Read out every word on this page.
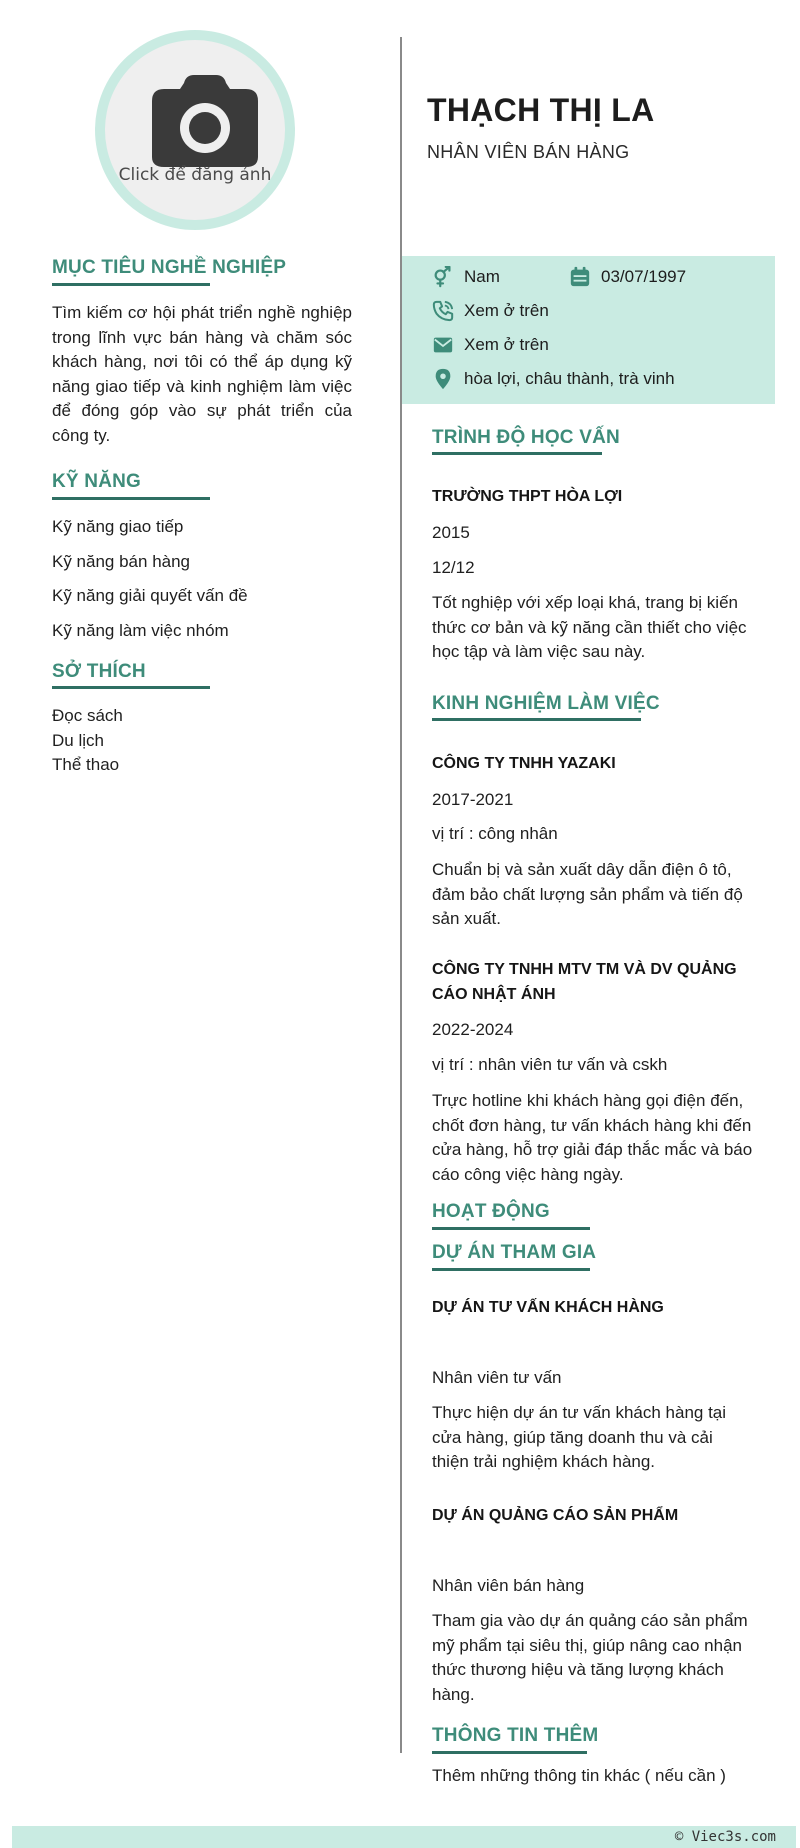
Click để đăng ảnh
THẠCH THỊ LA
NHÂN VIÊN BÁN HÀNG
Nam	03/07/1997
Xem ở trên
Xem ở trên
hòa lợi, châu thành, trà vinh
MỤC TIÊU NGHỀ NGHIỆP
Tìm kiếm cơ hội phát triển nghề nghiệp trong lĩnh vực bán hàng và chăm sóc khách hàng, nơi tôi có thể áp dụng kỹ năng giao tiếp và kinh nghiệm làm việc để đóng góp vào sự phát triển của công ty.
KỸ NĂNG
Kỹ năng giao tiếp
Kỹ năng bán hàng
Kỹ năng giải quyết vấn đề
Kỹ năng làm việc nhóm
SỞ THÍCH
Đọc sách
Du lịch
Thể thao
TRÌNH ĐỘ HỌC VẤN
TRƯỜNG THPT HÒA LỢI
2015
12/12
Tốt nghiệp với xếp loại khá, trang bị kiến thức cơ bản và kỹ năng cần thiết cho việc học tập và làm việc sau này.
KINH NGHIỆM LÀM VIỆC
CÔNG TY TNHH YAZAKI
2017-2021
vị trí : công nhân
Chuẩn bị và sản xuất dây dẫn điện ô tô, đảm bảo chất lượng sản phẩm và tiến độ sản xuất.
CÔNG TY TNHH MTV TM VÀ DV QUẢNG CÁO NHẬT ÁNH
2022-2024
vị trí : nhân viên tư vấn và cskh
Trực hotline khi khách hàng gọi điện đến, chốt đơn hàng, tư vấn khách hàng khi đến cửa hàng, hỗ trợ giải đáp thắc mắc và báo cáo công việc hàng ngày.
HOẠT ĐỘNG
DỰ ÁN THAM GIA
DỰ ÁN TƯ VẤN KHÁCH HÀNG
Nhân viên tư vấn
Thực hiện dự án tư vấn khách hàng tại cửa hàng, giúp tăng doanh thu và cải thiện trải nghiệm khách hàng.
DỰ ÁN QUẢNG CÁO SẢN PHẨM
Nhân viên bán hàng
Tham gia vào dự án quảng cáo sản phẩm mỹ phẩm tại siêu thị, giúp nâng cao nhận thức thương hiệu và tăng lượng khách hàng.
THÔNG TIN THÊM
Thêm những thông tin khác ( nếu cần )
© Viec3s.com
